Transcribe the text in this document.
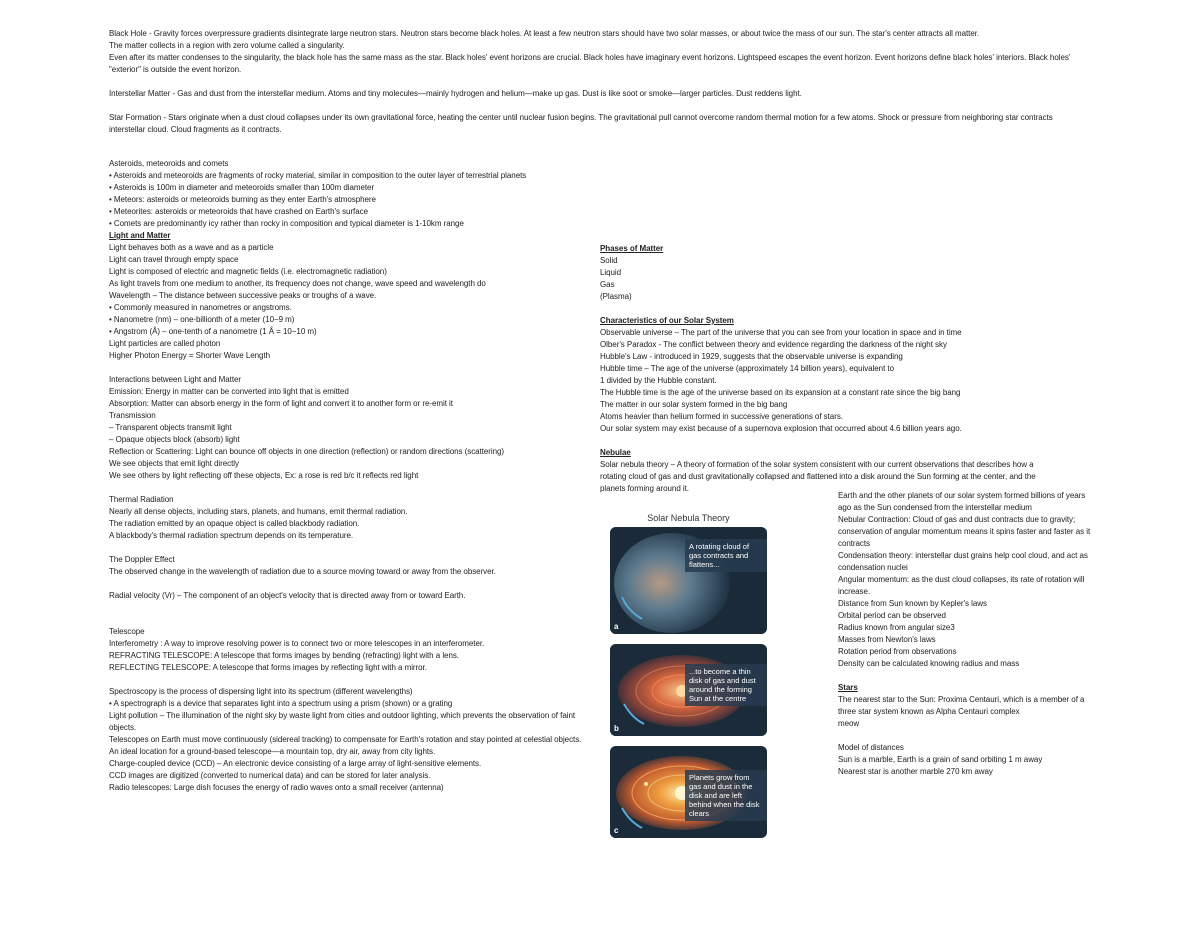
Black Hole - Gravity forces overpressure gradients disintegrate large neutron stars. Neutron stars become black holes. At least a few neutron stars should have two solar masses, or about twice the mass of our sun. The star's center attracts all matter.
The matter collects in a region with zero volume called a singularity.
Even after its matter condenses to the singularity, the black hole has the same mass as the star. Black holes' event horizons are crucial. Black holes have imaginary event horizons. Lightspeed escapes the event horizon. Event horizons define black holes' interiors. Black holes' "exterior" is outside the event horizon.
Interstellar Matter - Gas and dust from the interstellar medium. Atoms and tiny molecules—mainly hydrogen and helium—make up gas. Dust is like soot or smoke—larger particles. Dust reddens light.
Star Formation - Stars originate when a dust cloud collapses under its own gravitational force, heating the center until nuclear fusion begins. The gravitational pull cannot overcome random thermal motion for a few atoms. Shock or pressure from neighboring star contracts interstellar cloud. Cloud fragments as it contracts.
Asteroids, meteoroids and comets
• Asteroids and meteoroids are fragments of rocky material, similar in composition to the outer layer of terrestrial planets
• Asteroids is 100m in diameter and meteoroids smaller than 100m diameter
• Meteors: asteroids or meteoroids burning as they enter Earth's atmosphere
• Meteorites: asteroids or meteoroids that have crashed on Earth's surface
• Comets are predominantly icy rather than rocky in composition and typical diameter is 1-10km range
Light and Matter
Light behaves both as a wave and as a particle
Light can travel through empty space
Light is composed of electric and magnetic fields (i.e. electromagnetic radiation)
As light travels from one medium to another, its frequency does not change, wave speed and wavelength do
Wavelength – The distance between successive peaks or troughs of a wave.
• Commonly measured in nanometres or angstroms.
• Nanometre (nm) – one-billionth of a meter (10−9 m)
• Angstrom (Å) – one-tenth of a nanometre (1 Å = 10−10 m)
Light particles are called photon
Higher Photon Energy = Shorter Wave Length
Interactions between Light and Matter
Emission: Energy in matter can be converted into light that is emitted
Absorption: Matter can absorb energy in the form of light and convert it to another form or re-emit it
Transmission
– Transparent objects transmit light
– Opaque objects block (absorb) light
Reflection or Scattering: Light can bounce off objects in one direction (reflection) or random directions (scattering)
We see objects that emit light directly
We see others by light reflecting off these objects, Ex: a rose is red b/c it reflects red light
Thermal Radiation
Nearly all dense objects, including stars, planets, and humans, emit thermal radiation.
The radiation emitted by an opaque object is called blackbody radiation.
A blackbody's thermal radiation spectrum depends on its temperature.
The Doppler Effect
The observed change in the wavelength of radiation due to a source moving toward or away from the observer.
Radial velocity (Vr) – The component of an object's velocity that is directed away from or toward Earth.
Telescope
Interferometry : A way to improve resolving power is to connect two or more telescopes in an interferometer.
REFRACTING TELESCOPE: A telescope that forms images by bending (refracting) light with a lens.
REFLECTING TELESCOPE: A telescope that forms images by reflecting light with a mirror.
Spectroscopy is the process of dispersing light into its spectrum (different wavelengths)
• A spectrograph is a device that separates light into a spectrum using a prism (shown) or a grating
Light pollution – The illumination of the night sky by waste light from cities and outdoor lighting, which prevents the observation of faint objects.
Telescopes on Earth must move continuously (sidereal tracking) to compensate for Earth's rotation and stay pointed at celestial objects.
An ideal location for a ground-based telescope—a mountain top, dry air, away from city lights.
Charge-coupled device (CCD) – An electronic device consisting of a large array of light-sensitive elements.
CCD images are digitized (converted to numerical data) and can be stored for later analysis.
Radio telescopes: Large dish focuses the energy of radio waves onto a small receiver (antenna)
Phases of Matter
Solid
Liquid
Gas
(Plasma)
Characteristics of our Solar System
Observable universe – The part of the universe that you can see from your location in space and in time
Olber's Paradox - The conflict between theory and evidence regarding the darkness of the night sky
Hubble's Law - introduced in 1929, suggests that the observable universe is expanding
Hubble time – The age of the universe (approximately 14 billion years), equivalent to
1 divided by the Hubble constant.
The Hubble time is the age of the universe based on its expansion at a constant rate since the big bang
The matter in our solar system formed in the big bang
Atoms heavier than helium formed in successive generations of stars.
Our solar system may exist because of a supernova explosion that occurred about 4.6 billion years ago.
Nebulae
Solar nebula theory – A theory of formation of the solar system consistent with our current observations that describes how a rotating cloud of gas and dust gravitationally collapsed and flattened into a disk around the Sun forming at the center, and the planets forming around it.
Solar Nebula Theory
A rotating cloud of gas contracts and flattens...
a
...to become a thin disk of gas and dust around the forming Sun at the centre
b
Planets grow from gas and dust in the disk and are left behind when the disk clears
c
Earth and the other planets of our solar system formed billions of years ago as the Sun condensed from the interstellar medium
Nebular Contraction: Cloud of gas and dust contracts due to gravity; conservation of angular momentum means it spins faster and faster as it contracts
Condensation theory: interstellar dust grains help cool cloud, and act as condensation nuclei
Angular momentum: as the dust cloud collapses, its rate of rotation will increase.
Distance from Sun known by Kepler's laws
Orbital period can be observed
Radius known from angular size3
Masses from Newton's laws
Rotation period from observations
Density can be calculated knowing radius and mass
Stars
The nearest star to the Sun: Proxima Centauri, which is a member of a three star system known as Alpha Centauri complex
meow
Model of distances
Sun is a marble, Earth is a grain of sand orbiting 1 m away
Nearest star is another marble 270 km away
